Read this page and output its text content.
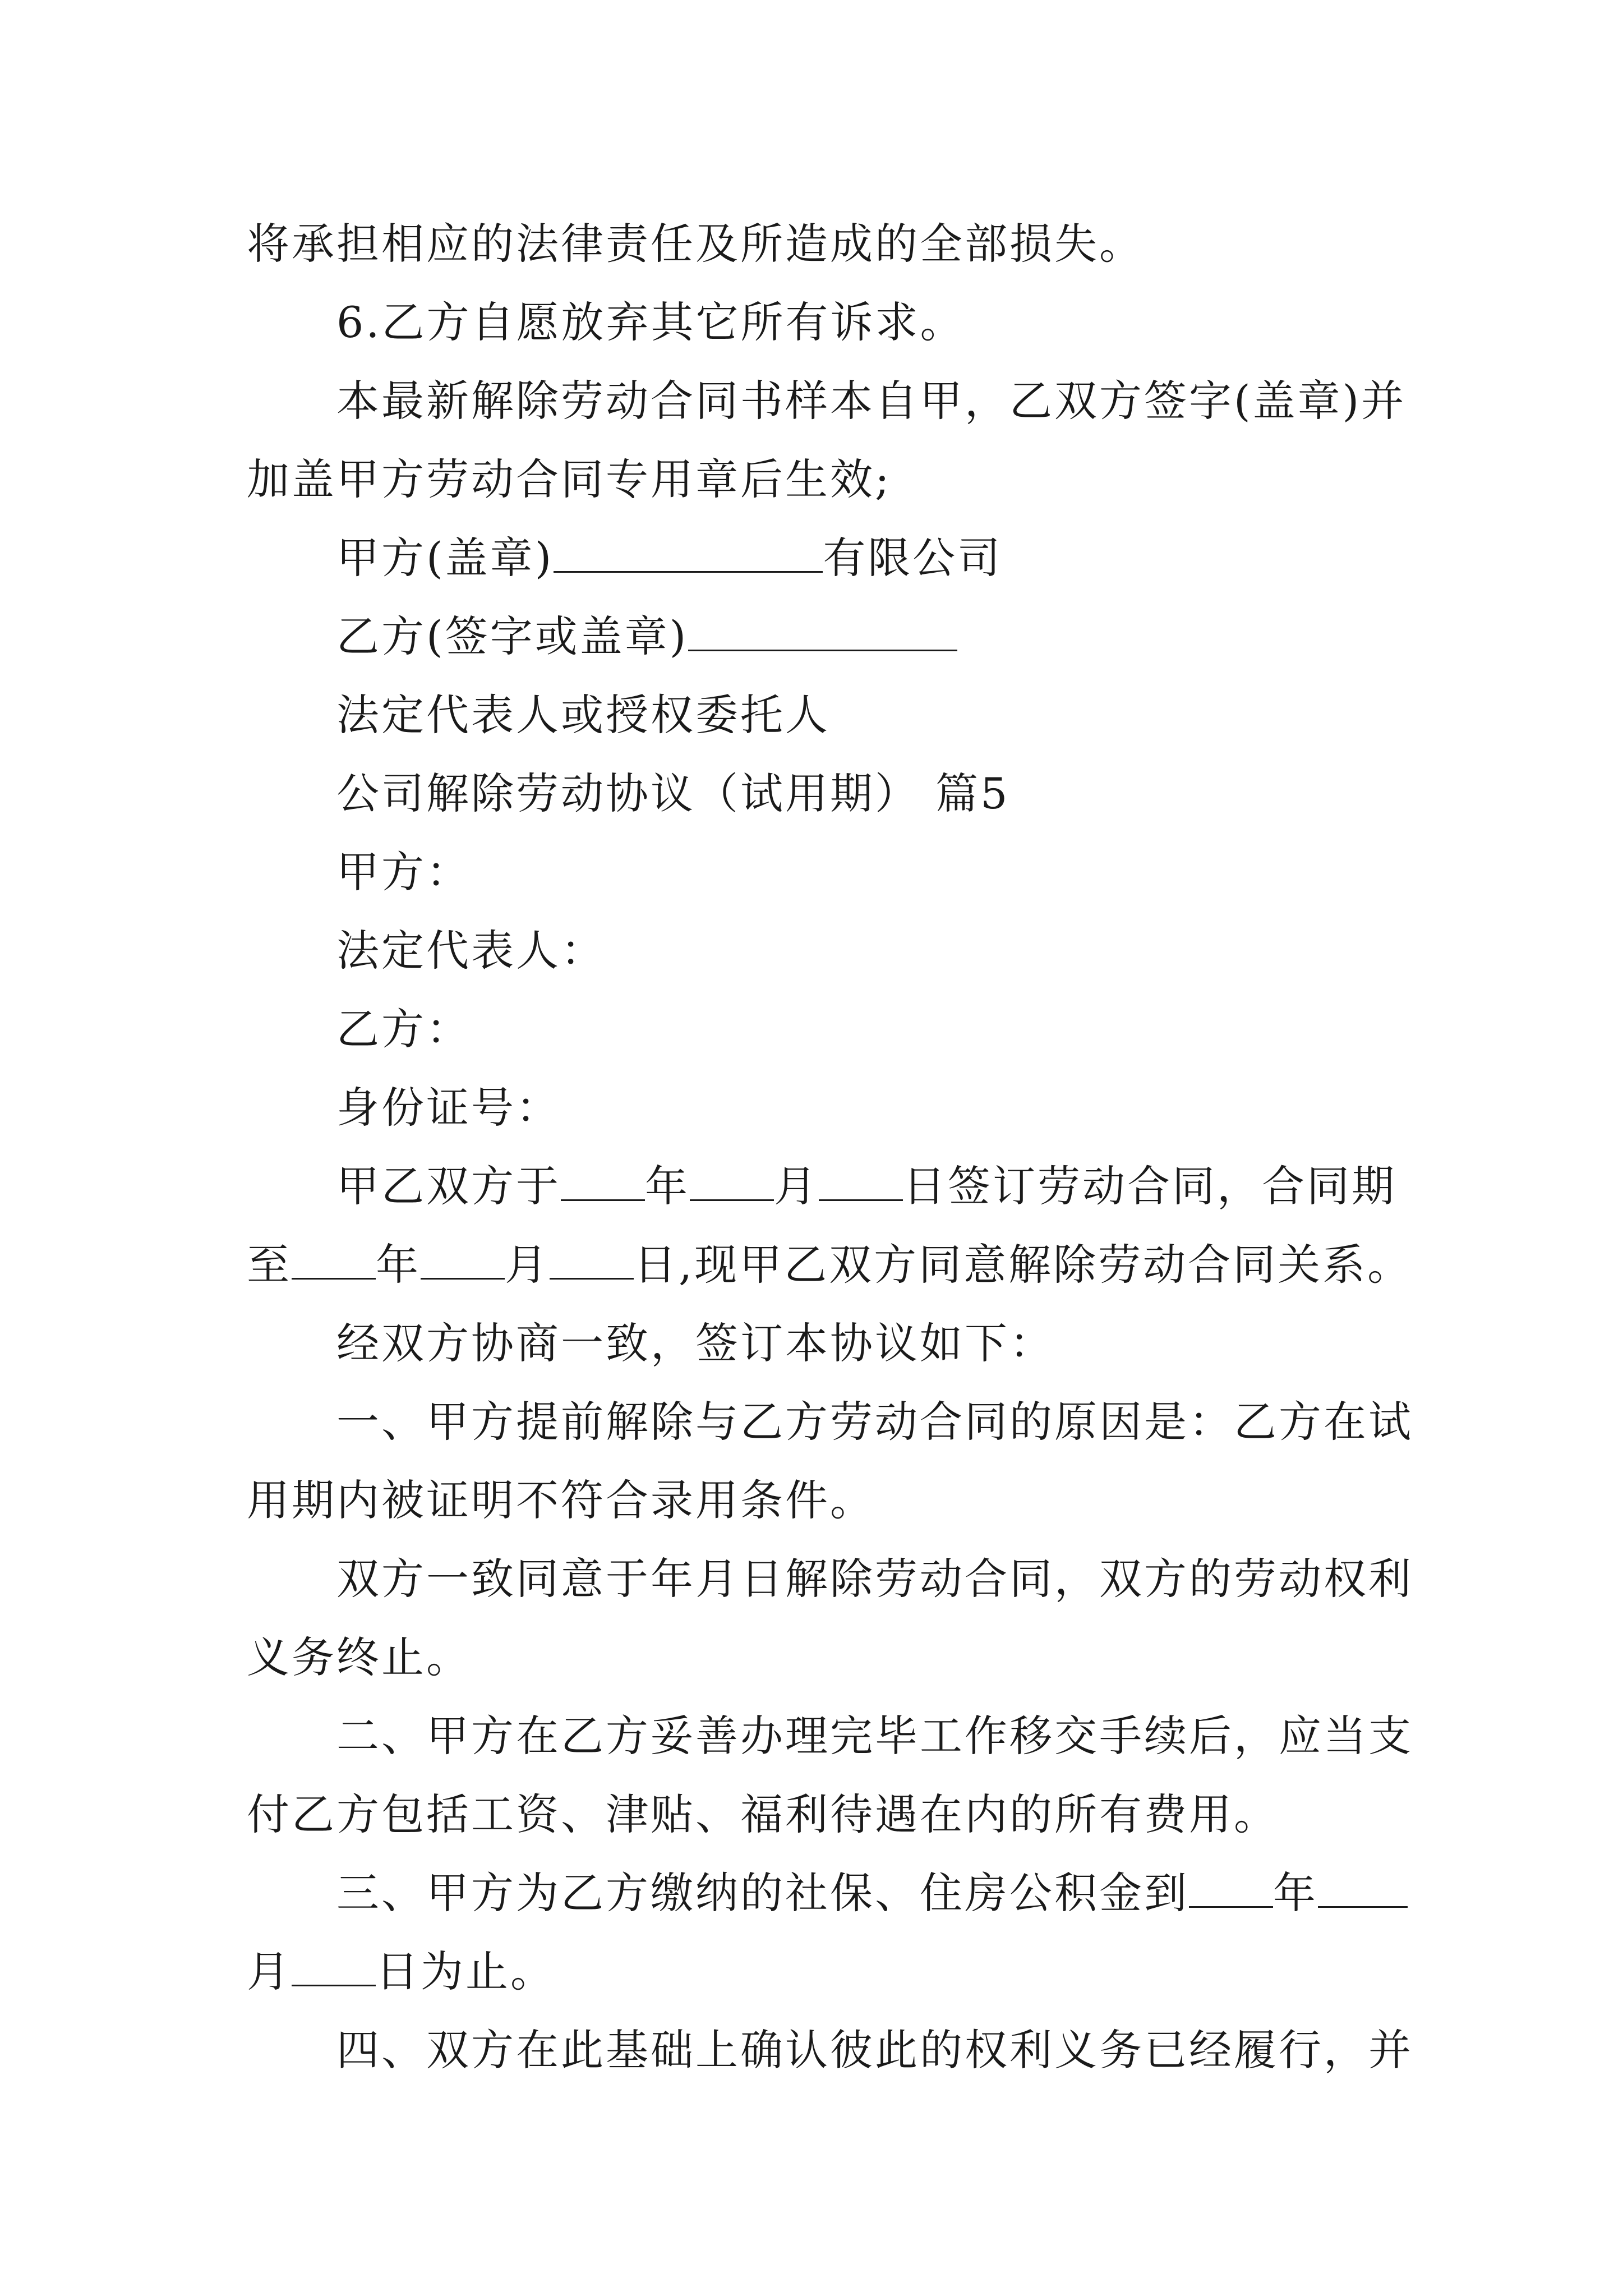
将承担相应的法律责任及所造成的全部损失。
6.乙方自愿放弃其它所有诉求。
本最新解除劳动合同书样本自甲，乙双方签字(盖章)并
加盖甲方劳动合同专用章后生效;
甲方(盖章)	有限公司
乙方(签字或盖章)
法定代表人或授权委托人
公司解除劳动协议（试用期） 篇5
甲方：
法定代表人：
乙方：
身份证号：
甲乙双方于 年 月 日签订劳动合同，合同期
至 年 月 日,现甲乙双方同意解除劳动合同关系。
经双方协商一致，签订本协议如下：
一、甲方提前解除与乙方劳动合同的原因是：乙方在试
用期内被证明不符合录用条件。
双方一致同意于年月日解除劳动合同，双方的劳动权利
义务终止。
二、甲方在乙方妥善办理完毕工作移交手续后，应当支
付乙方包括工资、津贴、福利待遇在内的所有费用。
三、甲方为乙方缴纳的社保、住房公积金到 年
月 日为止。
四、双方在此基础上确认彼此的权利义务已经履行，并
